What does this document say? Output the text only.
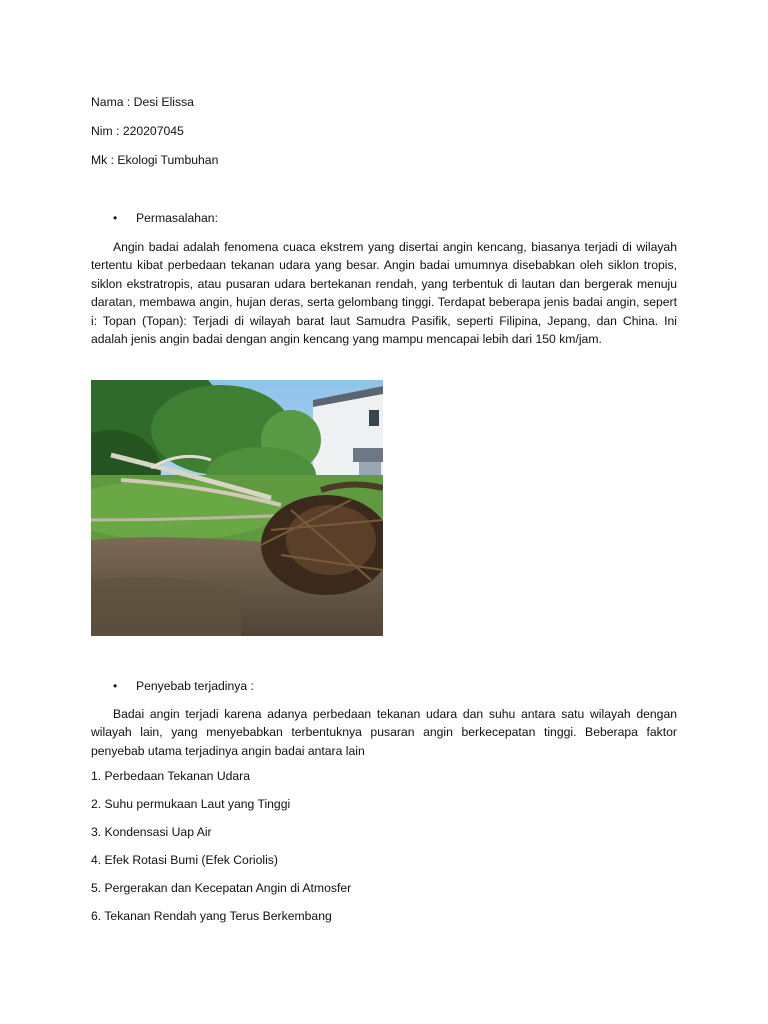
Nama : Desi Elissa
Nim : 220207045
Mk : Ekologi Tumbuhan
• Permasalahan:
Angin badai adalah fenomena cuaca ekstrem yang disertai angin kencang, biasanya terjadi di wilayah tertentu kibat perbedaan tekanan udara yang besar. Angin badai umumnya disebabkan oleh siklon tropis, siklon ekstratropis, atau pusaran udara bertekanan rendah, yang terbentuk di lautan dan bergerak menuju daratan, membawa angin, hujan deras, serta gelombang tinggi. Terdapat beberapa jenis badai angin, sepert i: Topan (Topan): Terjadi di wilayah barat laut Samudra Pasifik, seperti Filipina, Jepang, dan China. Ini adalah jenis angin badai dengan angin kencang yang mampu mencapai lebih dari 150 km/jam.
• Penyebab terjadinya :
Badai angin terjadi karena adanya perbedaan tekanan udara dan suhu antara satu wilayah dengan wilayah lain, yang menyebabkan terbentuknya pusaran angin berkecepatan tinggi. Beberapa faktor penyebab utama terjadinya angin badai antara lain
1. Perbedaan Tekanan Udara
2. Suhu permukaan Laut yang Tinggi
3. Kondensasi Uap Air
4. Efek Rotasi Bumi (Efek Coriolis)
5. Pergerakan dan Kecepatan Angin di Atmosfer
6. Tekanan Rendah yang Terus Berkembang
